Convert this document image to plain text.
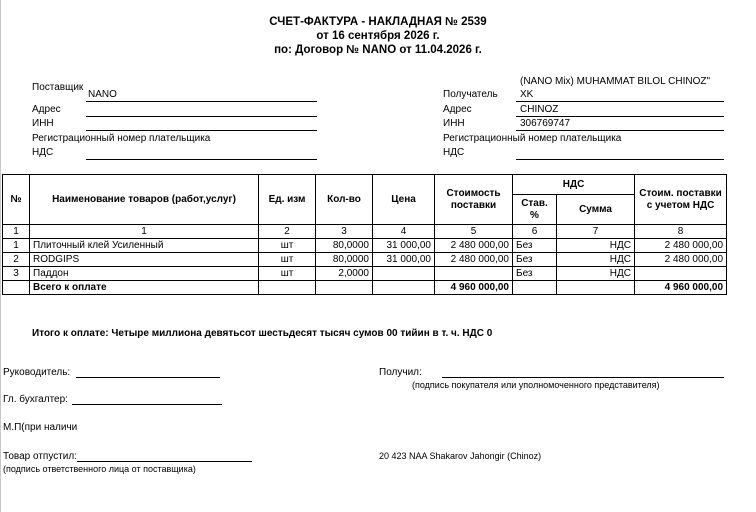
СЧЕТ-ФАКТУРА - НАКЛАДНАЯ № 2539
от 16 сентября 2026 г.
по: Договор № NANO от 11.04.2026 г.
Поставщик
NANO
Адрес
ИНН
Регистрационный номер плательщика
НДС
(NANO Mix) MUHAMMAT BILOL CHINOZ"
Получатель XK
Адрес	CHINOZ
ИНН	306769747
Регистрационный номер плательщика
НДС
№	Наименование товаров (работ,услуг)	Ед. изм	Кол-во	Цена	Стоимость поставки	НДС		Стоим. поставки с учетом НДС
						Став. %	Сумма	
1	1	2	3	4	5	6	7	8
1	Плиточный клей Усиленный	шт	80,0000	31 000,00	2 480 000,00	Без	НДС	2 480 000,00
2	RODGIPS	шт	80,0000	31 000,00	2 480 000,00	Без	НДС	2 480 000,00
3	Паддон	шт	2,0000			Без	НДС	
	Всего к оплате				4 960 000,00			4 960 000,00
Итого к оплате: Четыре миллиона девятьсот шестьдесят тысяч сумов 00 тийин в т. ч. НДС 0
Руководитель:
Гл. бухгалтер:
М.П(при наличи
Товар отпустил:
(подпись ответственного лица от поставщика)
Получил:
(подпись покупателя или уполномоченного представителя)
20 423 NAA Shakarov Jahongir (Chinoz)
